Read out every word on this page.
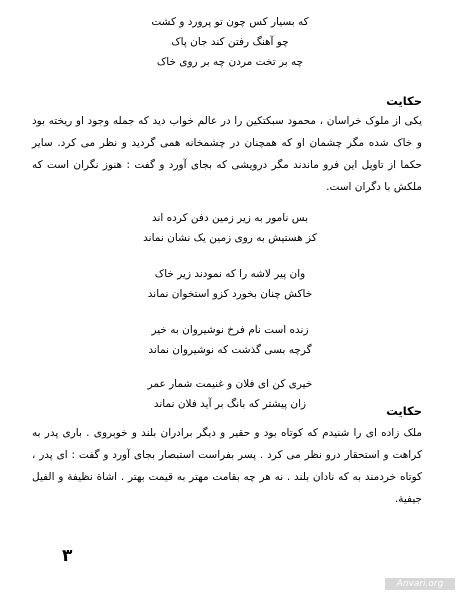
که بسیار کس چون تو پرورد و کشت
چو آهنگ رفتن کند جان پاک
چه بر تخت مردن چه بر روی خاک
حکایت
یکی از ملوک خراسان ، محمود سبکتکین را در عالم خواب دید که جمله وجود او ریخته بود و خاک شده مگر چشمان او که همچنان در چشمخانه همی گردید و نظر می کرد. سایر حکما از تاویل این فرو ماندند مگر درویشی که بجای آورد و گفت : هنوز نگران است که ملکش با دگران است.
بس نامور به زیر زمین دفن کرده اند
کز هستیش به روی زمین یک نشان نماند
وان پیر لاشه را که نمودند زیر خاک
خاکش چنان بخورد کزو استخوان نماند
زنده است نام فرخ نوشیروان به خیر
گرچه بسی گذشت که نوشیروان نماند
خیری کن ای فلان و غنیمت شمار عمر
زان پیشتر که بانگ بر آید فلان نماند	حکایت
ملک زاده ای را شنیدم که کوتاه بود و حقیر و دیگر برادران بلند و خوبروی . باری پدر به کراهت و استحقار درو نظر می کرد . پسر بفراست استبصار بجای آورد و گفت : ای پدر ، کوتاه خردمند به که نادان بلند . نه هر چه بقامت مهتر به قیمت بهتر . اشاة نظیفة و الفیل جیفیة.
۳
Anvari.org
